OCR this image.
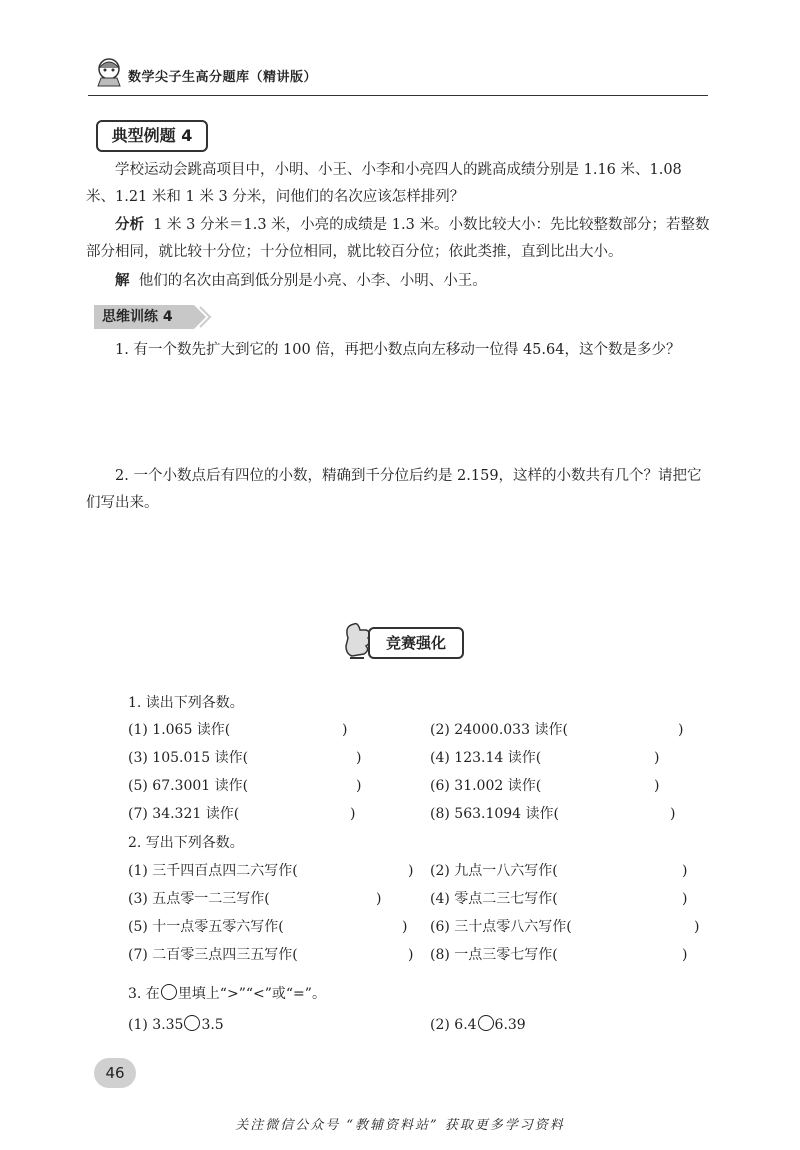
数学尖子生高分题库（精讲版）
典型例题 4
学校运动会跳高项目中，小明、小王、小李和小亮四人的跳高成绩分别是 1.16 米、1.08 米、1.21 米和 1 米 3 分米，问他们的名次应该怎样排列？
分析 1 米 3 分米＝1.3 米，小亮的成绩是 1.3 米。小数比较大小：先比较整数部分；若整数部分相同，就比较十分位；十分位相同，就比较百分位；依此类推，直到比出大小。
解 他们的名次由高到低分别是小亮、小李、小明、小王。
思维训练 4
1. 有一个数先扩大到它的 100 倍，再把小数点向左移动一位得 45.64，这个数是多少？
2. 一个小数点后有四位的小数，精确到千分位后约是 2.159，这样的小数共有几个？请把它们写出来。
竞赛强化
1. 读出下列各数。
(1) 1.065 读作(	)	(2) 24000.033 读作(	)
(3) 105.015 读作(	)	(4) 123.14 读作(	)
(5) 67.3001 读作(	)	(6) 31.002 读作(	)
(7) 34.321 读作(	)	(8) 563.1094 读作(	)
2. 写出下列各数。
(1) 三千四百点四二六写作(	) (2) 九点一八六写作(	)
(3) 五点零一二三写作(	)	(4) 零点二三七写作(	)
(5) 十一点零五零六写作(	) (6) 三十点零八六写作(	)
(7) 二百零三点四三五写作(	) (8) 一点三零七写作(	)
3. 在 里填上“>”“<”或“=”。
(1) 3.35 3.5	(2) 6.4 6.39
46
关注微信公众号 “教辅资料站” 获取更多学习资料
